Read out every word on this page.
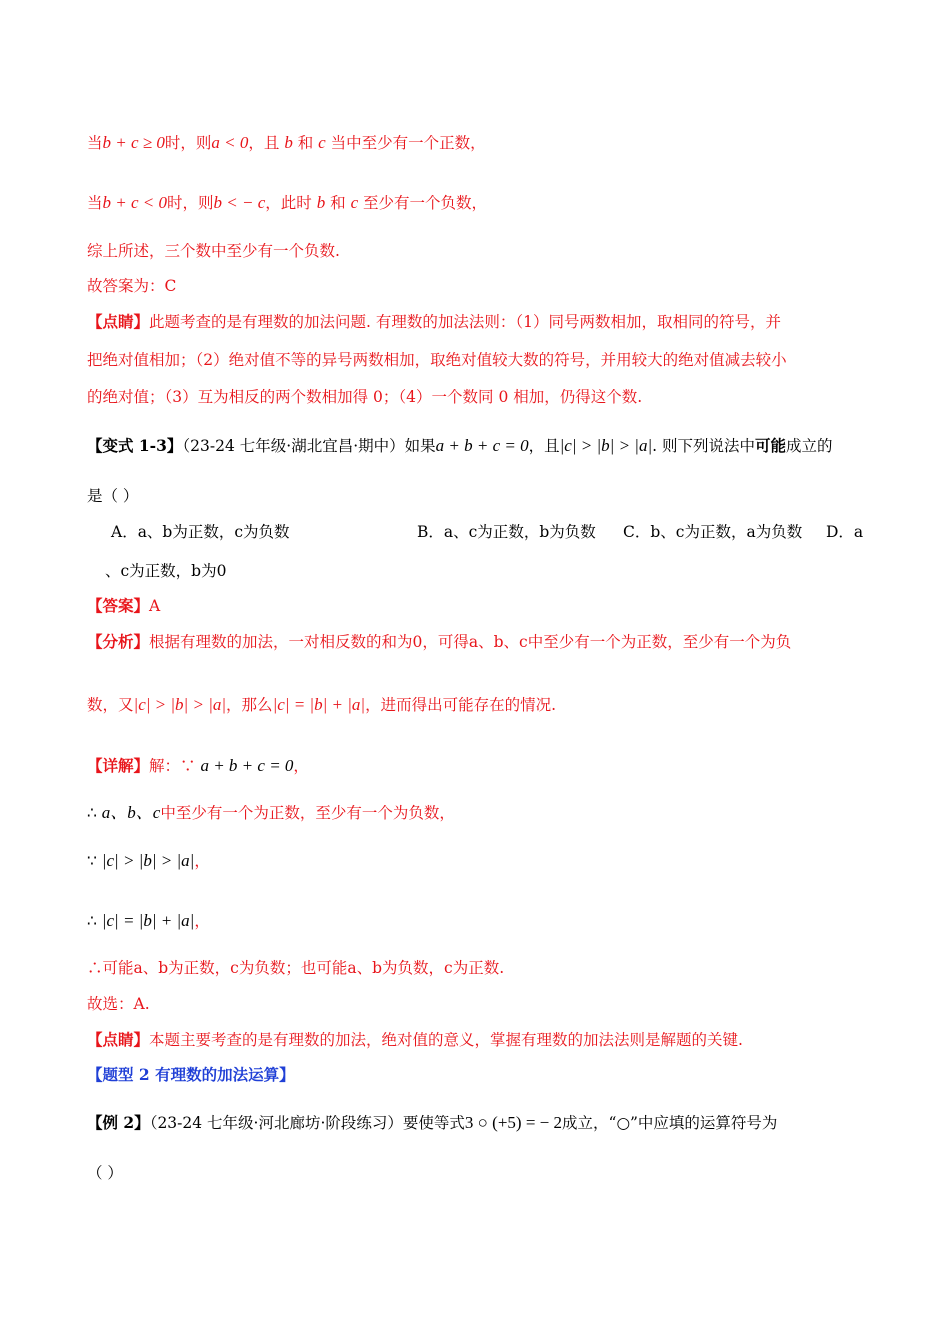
当b + c ≥ 0时，则a < 0，且 b 和 c 当中至少有一个正数，
当b + c < 0时，则b < − c，此时 b 和 c 至少有一个负数，
综上所述，三个数中至少有一个负数.
故答案为：C
【点睛】此题考查的是有理数的加法问题. 有理数的加法法则：（1）同号两数相加，取相同的符号，并
把绝对值相加；（2）绝对值不等的异号两数相加，取绝对值较大数的符号，并用较大的绝对值减去较小
的绝对值；（3）互为相反的两个数相加得 0；（4）一个数同 0 相加，仍得这个数.
【变式 1-3】（23-24 七年级·湖北宜昌·期中）如果a + b + c = 0，且|c| > |b| > |a|. 则下列说法中可能成立的
是（ ）
A．a、b为正数，c为负数	B．a、c为正数，b为负数 C．b、c为正数，a为负数 D．a
、c为正数，b为0
【答案】A
【分析】根据有理数的加法，一对相反数的和为0，可得a、b、c中至少有一个为正数，至少有一个为负
数，又|c| > |b| > |a|，那么|c| = |b| + |a|，进而得出可能存在的情况.
【详解】解：∵ a + b + c = 0，
∴ a、b、c中至少有一个为正数，至少有一个为负数，
∵ |c| > |b| > |a|，
∴ |c| = |b| + |a|，
∴可能a、b为正数，c为负数；也可能a、b为负数，c为正数.
故选：A.
【点睛】本题主要考查的是有理数的加法，绝对值的意义，掌握有理数的加法法则是解题的关键.
【题型 2 有理数的加法运算】
【例 2】（23-24 七年级·河北廊坊·阶段练习）要使等式3 ○ (+5) = − 2成立，“○”中应填的运算符号为
（ ）
